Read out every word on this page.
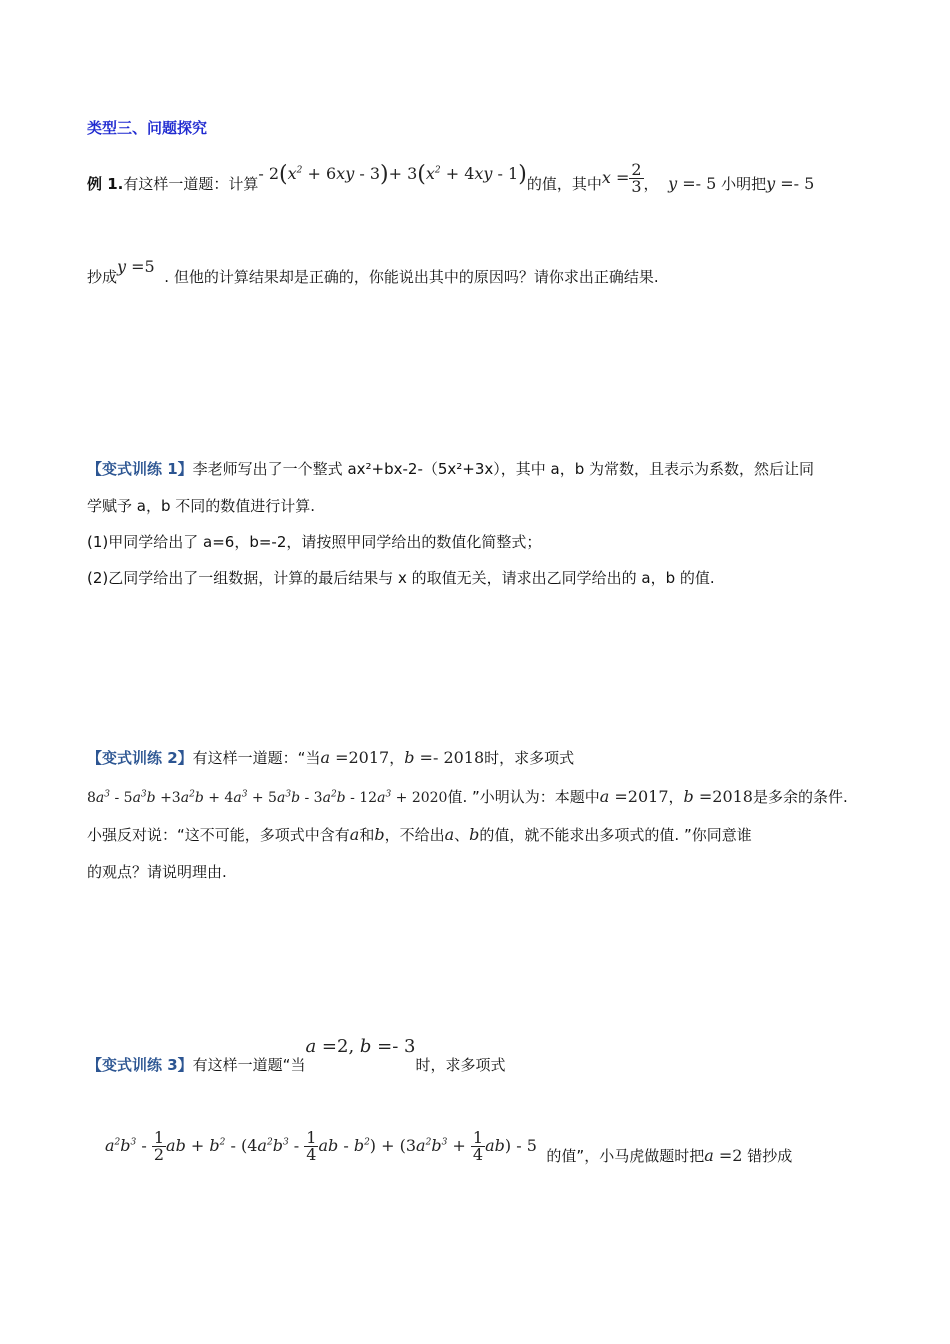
类型三、问题探究
例 1.有这样一道题：计算- $2(x^2 + 6xy - 3)+ 3(x^2 + 4xy - 1)$的值，其中$x = \frac{2}{3}$ ， y =- 5 小明把y =- 5
抄成y =5  . 但他的计算结果却是正确的，你能说出其中的原因吗？请你求出正确结果.
【变式训练 1】李老师写出了一个整式 ax²+bx-2-（5x²+3x），其中 a，b 为常数，且表示为系数，然后让同
学赋予 a，b 不同的数值进行计算.
(1)甲同学给出了 a=6，b=-2，请按照甲同学给出的数值化简整式；
(2)乙同学给出了一组数据，计算的最后结果与 x 的取值无关，请求出乙同学给出的 a，b 的值.
【变式训练 2】有这样一道题：“当a =2017，b =- 2018时，求多项式
$8a^3 - 5a^3b +3a^2b + 4a^3 + 5a^3b - 3a^2b - 12a^3 + 2020$值. ”小明认为：本题中a =2017，b =2018是多余的条件.
小强反对说：“这不可能，多项式中含有a和b，不给出a、b的值，就不能求出多项式的值. ”你同意谁
的观点？请说明理由.
【变式训练 3】有这样一道题“当a =2, b =- 3时，求多项式
$a^2b^3 - \frac{1}{2}$ ab + $b^2 - (4a^2b^3 - \frac{1}{4}$ ab - $b^2) + (3a^2b^3 + \frac{1}{4} ab) - 5$  的值”，小马虎做题时把a =2 错抄成
